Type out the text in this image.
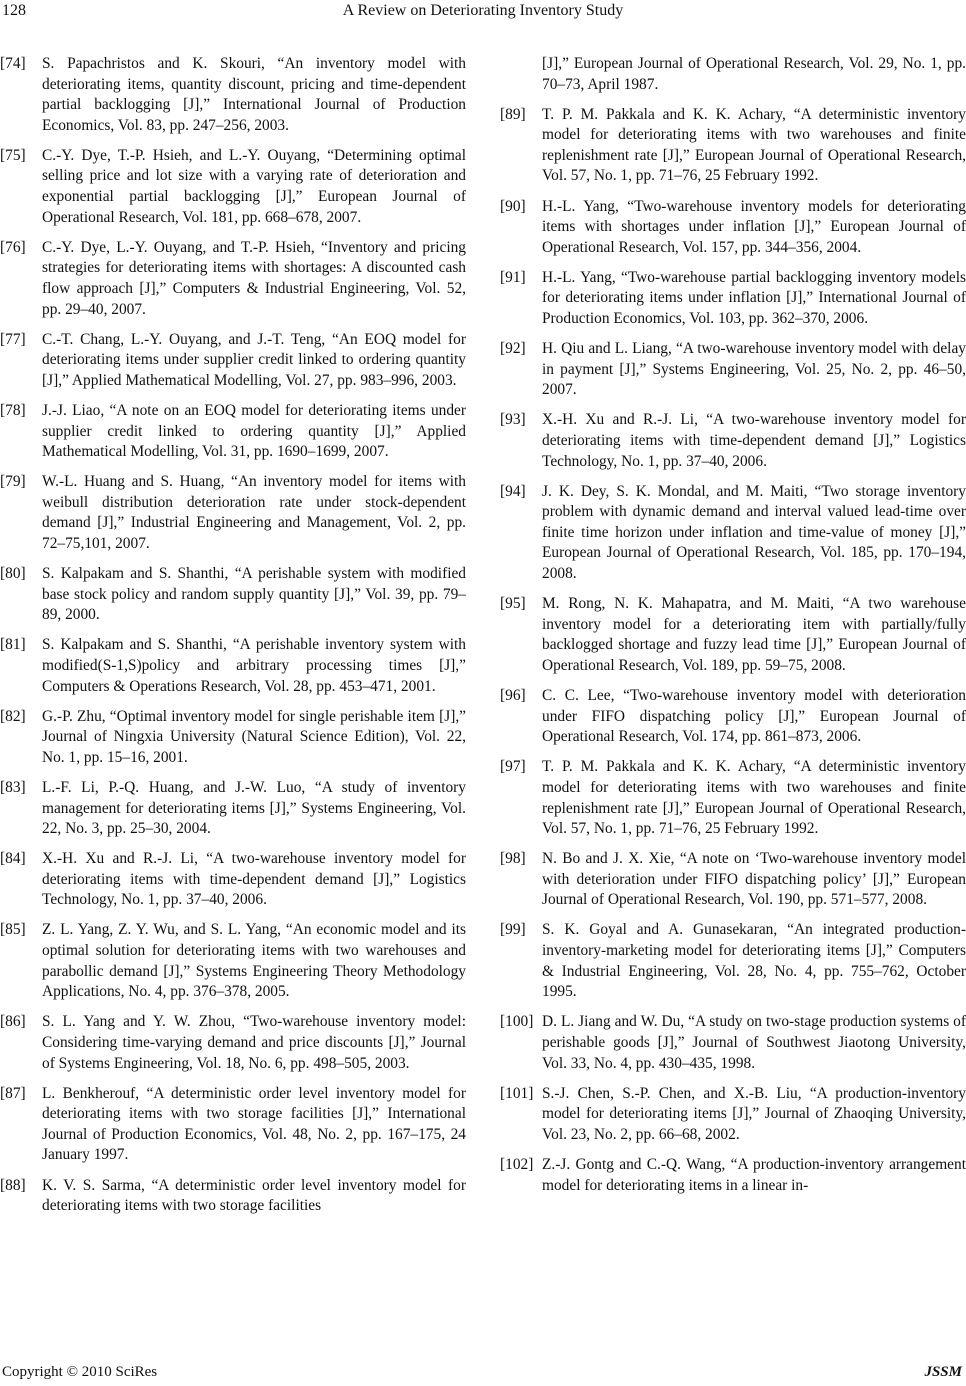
128	A Review on Deteriorating Inventory Study
[74]	S. Papachristos and K. Skouri, “An inventory model with deteriorating items, quantity discount, pricing and time-dependent partial backlogging [J],” International Journal of Production Economics, Vol. 83, pp. 247–256, 2003.
[75]	C.-Y. Dye, T.-P. Hsieh, and L.-Y. Ouyang, “Determining optimal selling price and lot size with a varying rate of deterioration and exponential partial backlogging [J],” European Journal of Operational Research, Vol. 181, pp. 668–678, 2007.
[76]	C.-Y. Dye, L.-Y. Ouyang, and T.-P. Hsieh, “Inventory and pricing strategies for deteriorating items with shortages: A discounted cash flow approach [J],” Computers & Industrial Engineering, Vol. 52, pp. 29–40, 2007.
[77]	C.-T. Chang, L.-Y. Ouyang, and J.-T. Teng, “An EOQ model for deteriorating items under supplier credit linked to ordering quantity [J],” Applied Mathematical Modelling, Vol. 27, pp. 983–996, 2003.
[78]	J.-J. Liao, “A note on an EOQ model for deteriorating items under supplier credit linked to ordering quantity [J],” Applied Mathematical Modelling, Vol. 31, pp. 1690–1699, 2007.
[79]	W.-L. Huang and S. Huang, “An inventory model for items with weibull distribution deterioration rate under stock-dependent demand [J],” Industrial Engineering and Management, Vol. 2, pp. 72–75,101, 2007.
[80]	S. Kalpakam and S. Shanthi, “A perishable system with modified base stock policy and random supply quantity [J],” Vol. 39, pp. 79–89, 2000.
[81]	S. Kalpakam and S. Shanthi, “A perishable inventory system with modified(S-1,S)policy and arbitrary processing times [J],” Computers & Operations Research, Vol. 28, pp. 453–471, 2001.
[82]	G.-P. Zhu, “Optimal inventory model for single perishable item [J],” Journal of Ningxia University (Natural Science Edition), Vol. 22, No. 1, pp. 15–16, 2001.
[83]	L.-F. Li, P.-Q. Huang, and J.-W. Luo, “A study of inventory management for deteriorating items [J],” Systems Engineering, Vol. 22, No. 3, pp. 25–30, 2004.
[84]	X.-H. Xu and R.-J. Li, “A two-warehouse inventory model for deteriorating items with time-dependent demand [J],” Logistics Technology, No. 1, pp. 37–40, 2006.
[85]	Z. L. Yang, Z. Y. Wu, and S. L. Yang, “An economic model and its optimal solution for deteriorating items with two warehouses and parabollic demand [J],” Systems Engineering Theory Methodology Applications, No. 4, pp. 376–378, 2005.
[86]	S. L. Yang and Y. W. Zhou, “Two-warehouse inventory model: Considering time-varying demand and price discounts [J],” Journal of Systems Engineering, Vol. 18, No. 6, pp. 498–505, 2003.
[87]	L. Benkherouf, “A deterministic order level inventory model for deteriorating items with two storage facilities [J],” International Journal of Production Economics, Vol. 48, No. 2, pp. 167–175, 24 January 1997.
[88]	K. V. S. Sarma, “A deterministic order level inventory model for deteriorating items with two storage facilities
[J],” European Journal of Operational Research, Vol. 29, No. 1, pp. 70–73, April 1987.
[89]	T. P. M. Pakkala and K. K. Achary, “A deterministic inventory model for deteriorating items with two warehouses and finite replenishment rate [J],” European Journal of Operational Research, Vol. 57, No. 1, pp. 71–76, 25 February 1992.
[90]	H.-L. Yang, “Two-warehouse inventory models for deteriorating items with shortages under inflation [J],” European Journal of Operational Research, Vol. 157, pp. 344–356, 2004.
[91]	H.-L. Yang, “Two-warehouse partial backlogging inventory models for deteriorating items under inflation [J],” International Journal of Production Economics, Vol. 103, pp. 362–370, 2006.
[92]	H. Qiu and L. Liang, “A two-warehouse inventory model with delay in payment [J],” Systems Engineering, Vol. 25, No. 2, pp. 46–50, 2007.
[93]	X.-H. Xu and R.-J. Li, “A two-warehouse inventory model for deteriorating items with time-dependent demand [J],” Logistics Technology, No. 1, pp. 37–40, 2006.
[94]	J. K. Dey, S. K. Mondal, and M. Maiti, “Two storage inventory problem with dynamic demand and interval valued lead-time over finite time horizon under inflation and time-value of money [J],” European Journal of Operational Research, Vol. 185, pp. 170–194, 2008.
[95]	M. Rong, N. K. Mahapatra, and M. Maiti, “A two warehouse inventory model for a deteriorating item with partially/fully backlogged shortage and fuzzy lead time [J],” European Journal of Operational Research, Vol. 189, pp. 59–75, 2008.
[96]	C. C. Lee, “Two-warehouse inventory model with deterioration under FIFO dispatching policy [J],” European Journal of Operational Research, Vol. 174, pp. 861–873, 2006.
[97]	T. P. M. Pakkala and K. K. Achary, “A deterministic inventory model for deteriorating items with two warehouses and finite replenishment rate [J],” European Journal of Operational Research, Vol. 57, No. 1, pp. 71–76, 25 February 1992.
[98]	N. Bo and J. X. Xie, “A note on ‘Two-warehouse inventory model with deterioration under FIFO dispatching policy’ [J],” European Journal of Operational Research, Vol. 190, pp. 571–577, 2008.
[99]	S. K. Goyal and A. Gunasekaran, “An integrated production-inventory-marketing model for deteriorating items [J],” Computers & Industrial Engineering, Vol. 28, No. 4, pp. 755–762, October 1995.
[100] D. L. Jiang and W. Du, “A study on two-stage production systems of perishable goods [J],” Journal of Southwest Jiaotong University, Vol. 33, No. 4, pp. 430–435, 1998.
[101] S.-J. Chen, S.-P. Chen, and X.-B. Liu, “A production-inventory model for deteriorating items [J],” Journal of Zhaoqing University, Vol. 23, No. 2, pp. 66–68, 2002.
[102] Z.-J. Gontg and C.-Q. Wang, “A production-inventory arrangement model for deteriorating items in a linear in-
Copyright © 2010 SciRes	JSSM
